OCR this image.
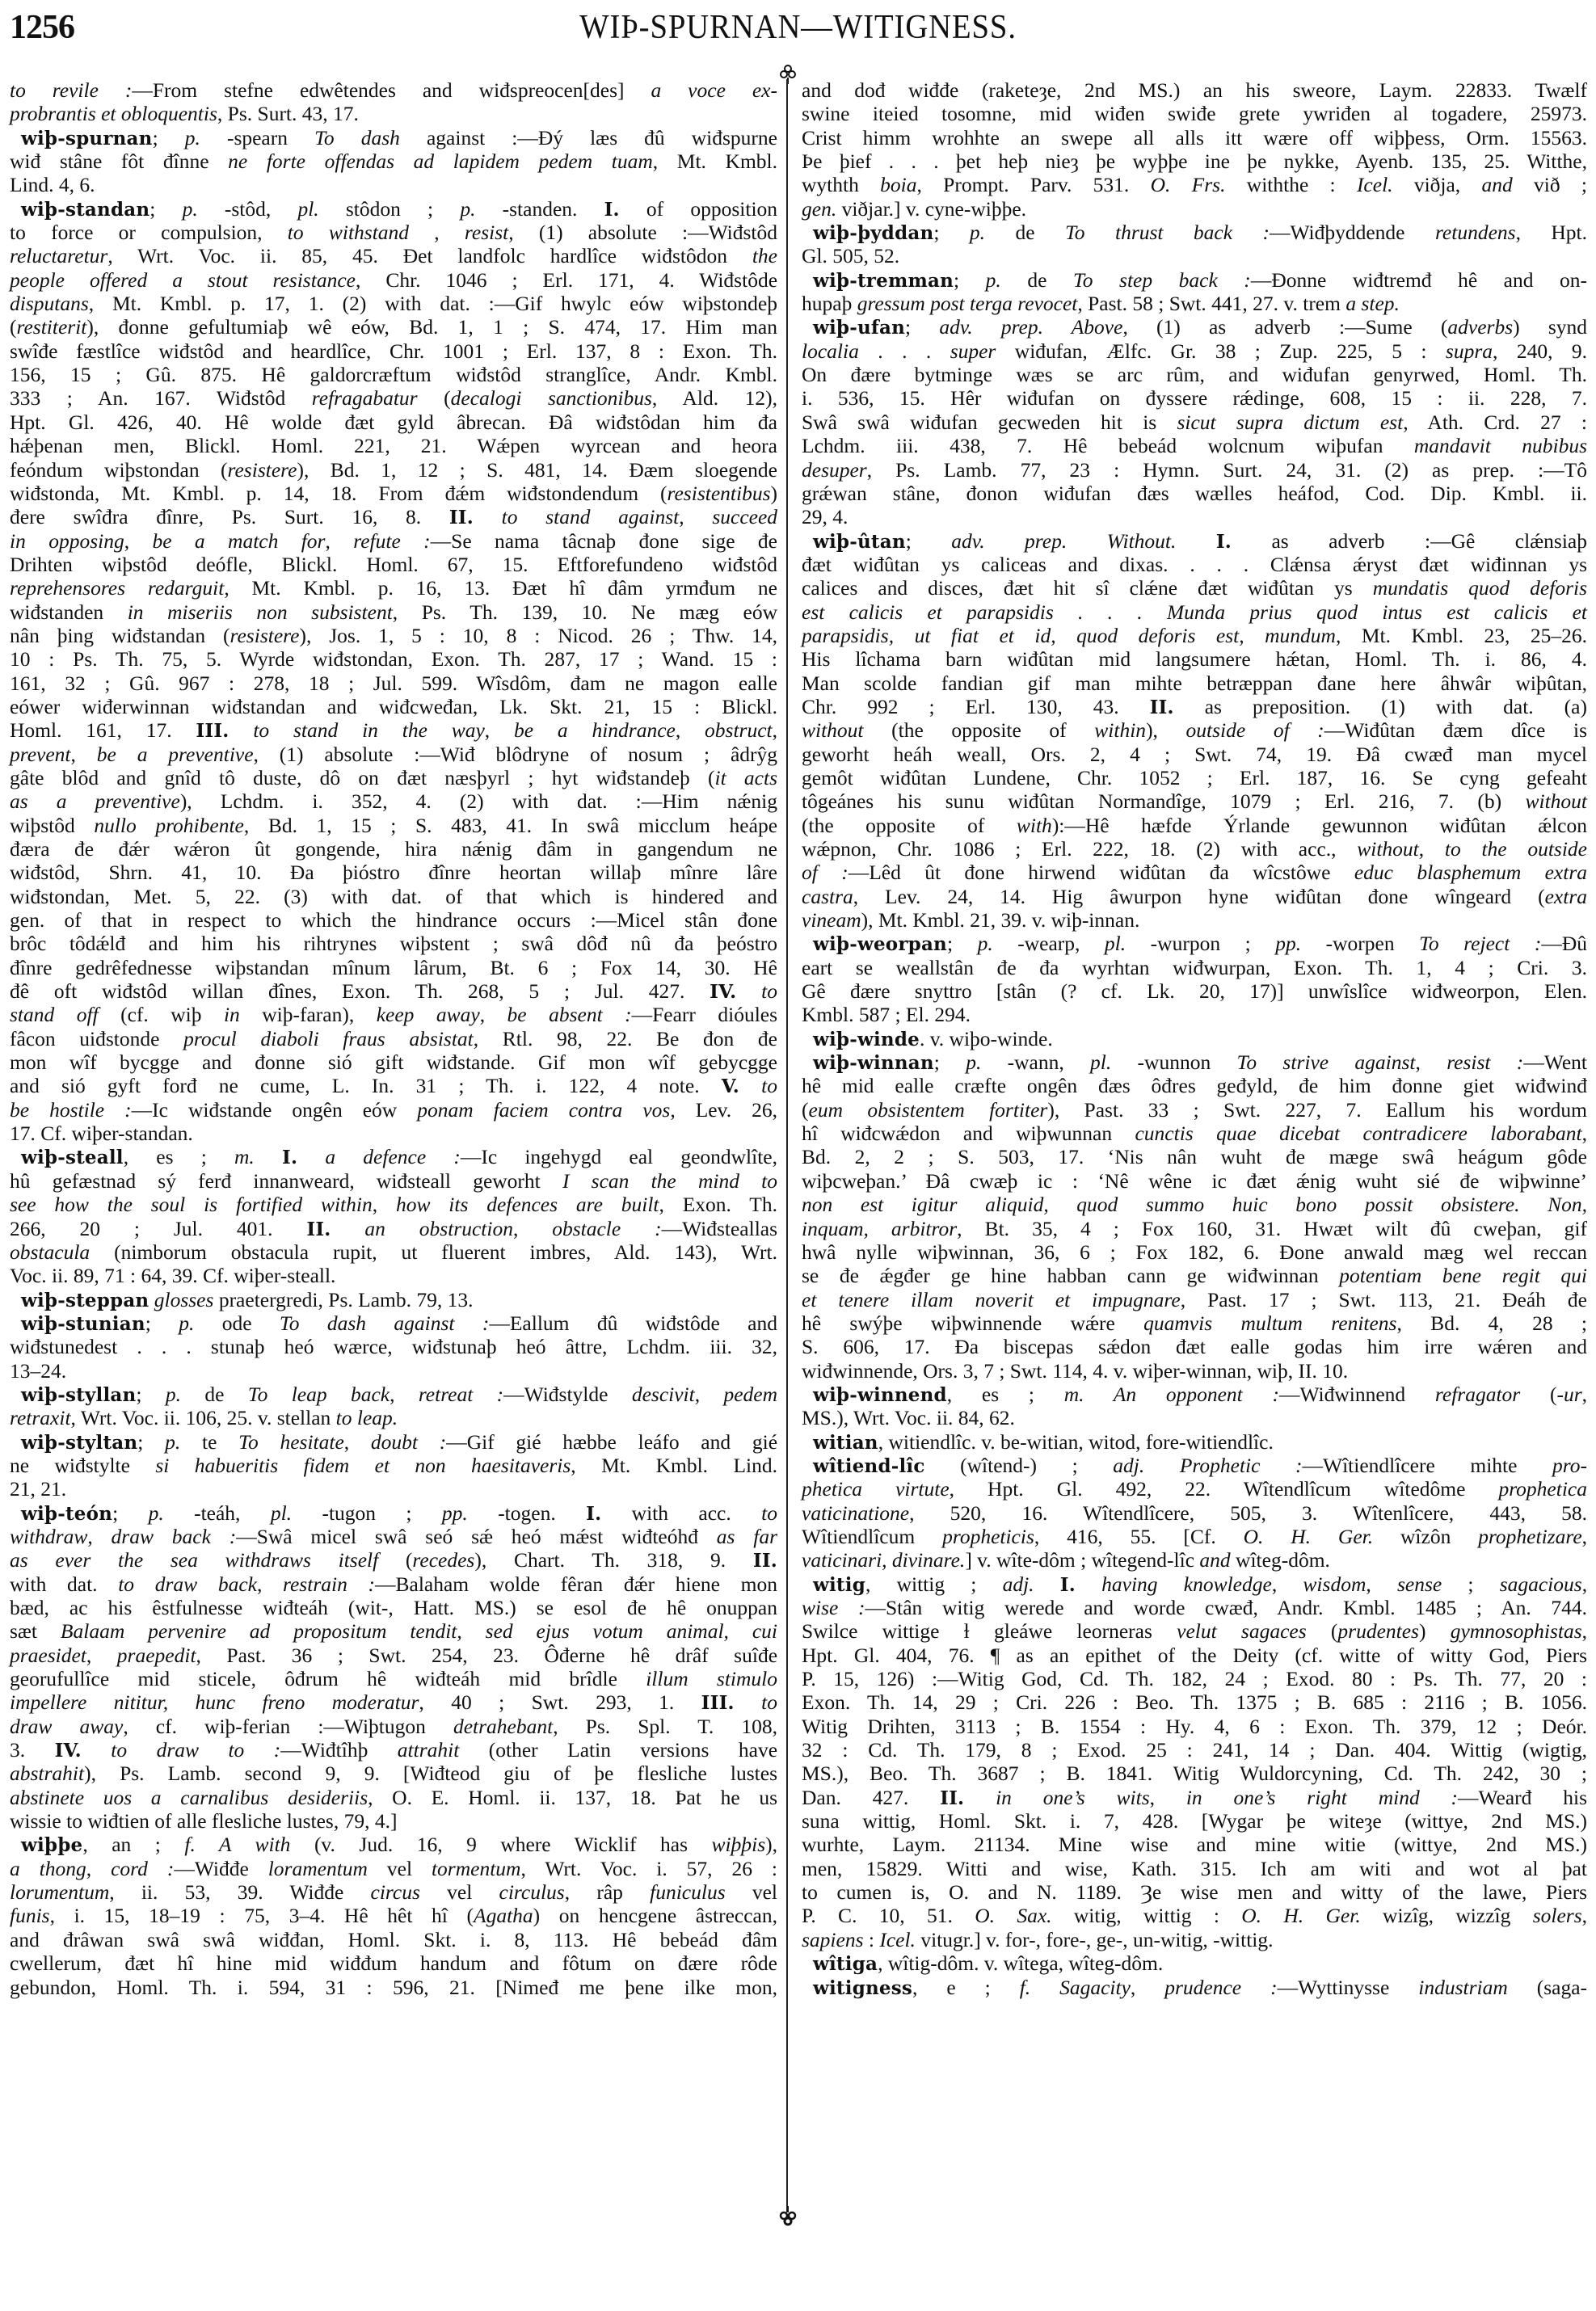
1256	WIÞ-SPURNAN—WITIGNESS.
to revile :—From stefne edwêtendes and wiđspreocen[des] a voce ex-
probrantis et obloquentis, Ps. Surt. 43, 17.
wiþ-spurnan; p. -spearn To dash against :—Ðý læs đû wiđspurne
wiđ stâne fôt đînne ne forte offendas ad lapidem pedem tuam, Mt. Kmbl.
Lind. 4, 6.
wiþ-standan; p. -stôd, pl. stôdon ; p. -standen. I. of opposition
to force or compulsion, to withstand , resist, (1) absolute :—Wiđstôd
reluctaretur, Wrt. Voc. ii. 85, 45. Ðet landfolc hardlîce wiđstôdon the
people offered a stout resistance, Chr. 1046 ; Erl. 171, 4. Wiđstôde
disputans, Mt. Kmbl. p. 17, 1. (2) with dat. :—Gif hwylc eów wiþstondeþ
(restiterit), đonne gefultumiaþ wê eów, Bd. 1, 1 ; S. 474, 17. Him man
swîđe fæstlîce wiđstôd and heardlîce, Chr. 1001 ; Erl. 137, 8 : Exon. Th.
156, 15 ; Gû. 875. Hê galdorcræftum wiđstôd stranglîce, Andr. Kmbl.
333 ; An. 167. Wiđstôd refragabatur (decalogi sanctionibus, Ald. 12),
Hpt. Gl. 426, 40. Hê wolde đæt gyld âbrecan. Đâ wiđstôdan him đa
hǽþenan men, Blickl. Homl. 221, 21. Wǽpen wyrcean and heora
feóndum wiþstondan (resistere), Bd. 1, 12 ; S. 481, 14. Đæm sloegende
wiđstonda, Mt. Kmbl. p. 14, 18. From đǽm wiđstondendum (resistentibus)
đere swîđra đînre, Ps. Surt. 16, 8. II. to stand against, succeed
in opposing, be a match for, refute :—Se nama tâcnaþ đone sige đe
Drihten wiþstôd deófle, Blickl. Homl. 67, 15. Eftforefundeno wiđstôd
reprehensores redarguit, Mt. Kmbl. p. 16, 13. Đæt hî đâm yrmđum ne
wiđstanden in miseriis non subsistent, Ps. Th. 139, 10. Ne mæg eów
nân þing wiđstandan (resistere), Jos. 1, 5 : 10, 8 : Nicod. 26 ; Thw. 14,
10 : Ps. Th. 75, 5. Wyrde wiđstondan, Exon. Th. 287, 17 ; Wand. 15 :
161, 32 ; Gû. 967 : 278, 18 ; Jul. 599. Wîsdôm, đam ne magon ealle
eówer wiđerwinnan wiđstandan and wiđcweđan, Lk. Skt. 21, 15 : Blickl.
Homl. 161, 17. III. to stand in the way, be a hindrance, obstruct,
prevent, be a preventive, (1) absolute :—Wiđ blôdryne of nosum ; âdrŷg
gâte blôd and gnîd tô duste, dô on đæt næsþyrl ; hyt wiđstandeþ (it acts
as a preventive), Lchdm. i. 352, 4. (2) with dat. :—Him nǽnig
wiþstôd nullo prohibente, Bd. 1, 15 ; S. 483, 41. In swâ micclum heápe
đæra đe đǽr wǽron ût gongende, hira nǽnig đâm in gangendum ne
wiđstôd, Shrn. 41, 10. Đa þióstro đînre heortan willaþ mînre lâre
wiđstondan, Met. 5, 22. (3) with dat. of that which is hindered and
gen. of that in respect to which the hindrance occurs :—Micel stân đone
brôc tôdǽlđ and him his rihtrynes wiþstent ; swâ dôđ nû đa þeóstro
đînre gedrêfednesse wiþstandan mînum lârum, Bt. 6 ; Fox 14, 30. Hê
đê oft wiđstôd willan đînes, Exon. Th. 268, 5 ; Jul. 427. IV. to
stand off (cf. wiþ in wiþ-faran), keep away, be absent :—Fearr dióules
fâcon uiđstonde procul diaboli fraus absistat, Rtl. 98, 22. Be đon đe
mon wîf bycgge and đonne sió gift wiđstande. Gif mon wîf gebycgge
and sió gyft forđ ne cume, L. In. 31 ; Th. i. 122, 4 note. V. to
be hostile :—Ic wiđstande ongên eów ponam faciem contra vos, Lev. 26,
17. Cf. wiþer-standan.
wiþ-steall, es ; m. I. a defence :—Ic ingehygd eal geondwlîte,
hû gefæstnad sý ferđ innanweard, wiđsteall geworht I scan the mind to
see how the soul is fortified within, how its defences are built, Exon. Th.
266, 20 ; Jul. 401. II. an obstruction, obstacle :—Wiđsteallas
obstacula (nimborum obstacula rupit, ut fluerent imbres, Ald. 143), Wrt.
Voc. ii. 89, 71 : 64, 39. Cf. wiþer-steall.
wiþ-steppan glosses praetergredi, Ps. Lamb. 79, 13.
wiþ-stunian; p. ode To dash against :—Eallum đû wiđstôde and
wiđstunedest . . . stunaþ heó wærce, wiđstunaþ heó âttre, Lchdm. iii. 32,
13–24.
wiþ-styllan; p. de To leap back, retreat :—Wiđstylde descivit, pedem
retraxit, Wrt. Voc. ii. 106, 25. v. stellan to leap.
wiþ-styltan; p. te To hesitate, doubt :—Gif gié hæbbe leáfo and gié
ne wiđstylte si habueritis fidem et non haesitaveris, Mt. Kmbl. Lind.
21, 21.
wiþ-teón; p. -teáh, pl. -tugon ; pp. -togen. I. with acc. to
withdraw, draw back :—Swâ micel swâ seó sǽ heó mǽst wiđteóhđ as far
as ever the sea withdraws itself (recedes), Chart. Th. 318, 9. II.
with dat. to draw back, restrain :—Balaham wolde fêran đǽr hiene mon
bæd, ac his êstfulnesse wiđteáh (wit-, Hatt. MS.) se esol đe hê onuppan
sæt Balaam pervenire ad propositum tendit, sed ejus votum animal, cui
praesidet, praepedit, Past. 36 ; Swt. 254, 23. Ôđerne hê drâf suîđe
georufullîce mid sticele, ôđrum hê wiđteáh mid brîdle illum stimulo
impellere nititur, hunc freno moderatur, 40 ; Swt. 293, 1. III. to
draw away, cf. wiþ-ferian :—Wiþtugon detrahebant, Ps. Spl. T. 108,
3. IV. to draw to :—Wiđtîhþ attrahit (other Latin versions have
abstrahit), Ps. Lamb. second 9, 9. [Wiđteod giu of þe flesliche lustes
abstinete uos a carnalibus desideriis, O. E. Homl. ii. 137, 18. Þat he us
wissie to wiđtien of alle flesliche lustes, 79, 4.]
wiþþe, an ; f. A with (v. Jud. 16, 9 where Wicklif has wiþþis),
a thong, cord :—Wiđđe loramentum vel tormentum, Wrt. Voc. i. 57, 26 :
lorumentum, ii. 53, 39. Wiđđe circus vel circulus, râp funiculus vel
funis, i. 15, 18–19 : 75, 3–4. Hê hêt hî (Agatha) on hencgene âstreccan,
and đrâwan swâ swâ wiđđan, Homl. Skt. i. 8, 113. Hê bebeád đâm
cwellerum, đæt hî hine mid wiđđum handum and fôtum on đære rôde
gebundon, Homl. Th. i. 594, 31 : 596, 21. [Nimeđ me þene ilke mon,
and dođ wiđđe (raketeȝe, 2nd MS.) an his sweore, Laym. 22833. Twælf
swine iteied tosomne, mid wiđen swiđe grete ywriđen al togadere, 25973.
Crist himm wrohhte an swepe all alls itt wære off wiþþess, Orm. 15563.
Þe þief . . . þet heþ nieȝ þe wyþþe ine þe nykke, Ayenb. 135, 25. Witthe,
wythth boia, Prompt. Parv. 531. O. Frs. withthe : Icel. viðja, and við ;
gen. viðjar.] v. cyne-wiþþe.
wiþ-þyddan; p. de To thrust back :—Wiđþyddende retundens, Hpt.
Gl. 505, 52.
wiþ-tremman; p. de To step back :—Đonne wiđtremđ hê and on-
hupaþ gressum post terga revocet, Past. 58 ; Swt. 441, 27. v. trem a step.
wiþ-ufan; adv. prep. Above, (1) as adverb :—Sume (adverbs) synd
localia . . . super wiđufan, Ælfc. Gr. 38 ; Zup. 225, 5 : supra, 240, 9.
On đære bytminge wæs se arc rûm, and wiđufan genyrwed, Homl. Th.
i. 536, 15. Hêr wiđufan on đyssere rǽdinge, 608, 15 : ii. 228, 7.
Swâ swâ wiđufan gecweden hit is sicut supra dictum est, Ath. Crd. 27 :
Lchdm. iii. 438, 7. Hê bebeád wolcnum wiþufan mandavit nubibus
desuper, Ps. Lamb. 77, 23 : Hymn. Surt. 24, 31. (2) as prep. :—Tô
grǽwan stâne, đonon wiđufan đæs wælles heáfod, Cod. Dip. Kmbl. ii.
29, 4.
wiþ-ûtan; adv. prep. Without. I. as adverb :—Gê clǽnsiaþ
đæt wiđûtan ys caliceas and dixas. . . . Clǽnsa ǽryst đæt wiđinnan ys
calices and disces, đæt hit sî clǽne đæt wiđûtan ys mundatis quod deforis
est calicis et parapsidis . . . Munda prius quod intus est calicis et
parapsidis, ut fiat et id, quod deforis est, mundum, Mt. Kmbl. 23, 25–26.
His lîchama barn wiđûtan mid langsumere hǽtan, Homl. Th. i. 86, 4.
Man scolde fandian gif man mihte betræppan đane here âhwâr wiþûtan,
Chr. 992 ; Erl. 130, 43. II. as preposition. (1) with dat. (a)
without (the opposite of within), outside of :—Wiđûtan đæm dîce is
geworht heáh weall, Ors. 2, 4 ; Swt. 74, 19. Đâ cwæđ man mycel
gemôt wiđûtan Lundene, Chr. 1052 ; Erl. 187, 16. Se cyng gefeaht
tôgeánes his sunu wiđûtan Normandîge, 1079 ; Erl. 216, 7. (b) without
(the opposite of with):—Hê hæfde Ýrlande gewunnon wiđûtan ǽlcon
wǽpnon, Chr. 1086 ; Erl. 222, 18. (2) with acc., without, to the outside
of :—Lêd ût đone hirwend wiđûtan đa wîcstôwe educ blasphemum extra
castra, Lev. 24, 14. Hig âwurpon hyne wiđûtan đone wîngeard (extra
vineam), Mt. Kmbl. 21, 39. v. wiþ-innan.
wiþ-weorpan; p. -wearp, pl. -wurpon ; pp. -worpen To reject :—Đû
eart se weallstân đe đa wyrhtan wiđwurpan, Exon. Th. 1, 4 ; Cri. 3.
Gê đære snyttro [stân (? cf. Lk. 20, 17)] unwîslîce wiđweorpon, Elen.
Kmbl. 587 ; El. 294.
wiþ-winde. v. wiþo-winde.
wiþ-winnan; p. -wann, pl. -wunnon To strive against, resist :—Went
hê mid ealle cræfte ongên đæs ôđres geđyld, đe him đonne giet wiđwinđ
(eum obsistentem fortiter), Past. 33 ; Swt. 227, 7. Eallum his wordum
hî wiđcwǽdon and wiþwunnan cunctis quae dicebat contradicere laborabant,
Bd. 2, 2 ; S. 503, 17. ‘Nis nân wuht đe mæge swâ heágum gôde
wiþcweþan.’ Đâ cwæþ ic : ‘Nê wêne ic đæt ǽnig wuht sié đe wiþwinne’
non est igitur aliquid, quod summo huic bono possit obsistere. Non,
inquam, arbitror, Bt. 35, 4 ; Fox 160, 31. Hwæt wilt đû cweþan, gif
hwâ nylle wiþwinnan, 36, 6 ; Fox 182, 6. Đone anwald mæg wel reccan
se đe ǽgđer ge hine habban cann ge wiđwinnan potentiam bene regit qui
et tenere illam noverit et impugnare, Past. 17 ; Swt. 113, 21. Đeáh đe
hê swýþe wiþwinnende wǽre quamvis multum renitens, Bd. 4, 28 ;
S. 606, 17. Đa biscepas sǽdon đæt ealle godas him irre wǽren and
wiđwinnende, Ors. 3, 7 ; Swt. 114, 4. v. wiþer-winnan, wiþ, II. 10.
wiþ-winnend, es ; m. An opponent :—Wiđwinnend refragator (-ur,
MS.), Wrt. Voc. ii. 84, 62.
witian, witiendlîc. v. be-witian, witod, fore-witiendlîc.
wîtiend-lîc (wîtend-) ; adj. Prophetic :—Wîtiendlîcere mihte pro-
phetica virtute, Hpt. Gl. 492, 22. Wîtendlîcum wîtedôme prophetica
vaticinatione, 520, 16. Wîtendlîcere, 505, 3. Wîtenlîcere, 443, 58.
Wîtiendlîcum propheticis, 416, 55. [Cf. O. H. Ger. wîzôn prophetizare,
vaticinari, divinare.] v. wîte-dôm ; wîtegend-lîc and wîteg-dôm.
witig, wittig ; adj. I. having knowledge, wisdom, sense ; sagacious,
wise :—Stân witig werede and worde cwæđ, Andr. Kmbl. 1485 ; An. 744.
Swilce wittige ɫ gleáwe leorneras velut sagaces (prudentes) gymnosophistas,
Hpt. Gl. 404, 76. ¶ as an epithet of the Deity (cf. witte of witty God, Piers
P. 15, 126) :—Witig God, Cd. Th. 182, 24 ; Exod. 80 : Ps. Th. 77, 20 :
Exon. Th. 14, 29 ; Cri. 226 : Beo. Th. 1375 ; B. 685 : 2116 ; B. 1056.
Witig Drihten, 3113 ; B. 1554 : Hy. 4, 6 : Exon. Th. 379, 12 ; Deór.
32 : Cd. Th. 179, 8 ; Exod. 25 : 241, 14 ; Dan. 404. Wittig (wigtig,
MS.), Beo. Th. 3687 ; B. 1841. Witig Wuldorcyning, Cd. Th. 242, 30 ;
Dan. 427. II. in one’s wits, in one’s right mind :—Wearđ his
suna wittig, Homl. Skt. i. 7, 428. [Wygar þe witeȝe (wittye, 2nd MS.)
wurhte, Laym. 21134. Mine wise and mine witie (wittye, 2nd MS.)
men, 15829. Witti and wise, Kath. 315. Ich am witi and wot al þat
to cumen is, O. and N. 1189. Ȝe wise men and witty of the lawe, Piers
P. C. 10, 51. O. Sax. witig, wittig : O. H. Ger. wizîg, wizzîg solers,
sapiens : Icel. vitugr.] v. for-, fore-, ge-, un-witig, -wittig.
wîtiga, wîtig-dôm. v. wîtega, wîteg-dôm.
witigness, e ; f. Sagacity, prudence :—Wyttinysse industriam (saga-
